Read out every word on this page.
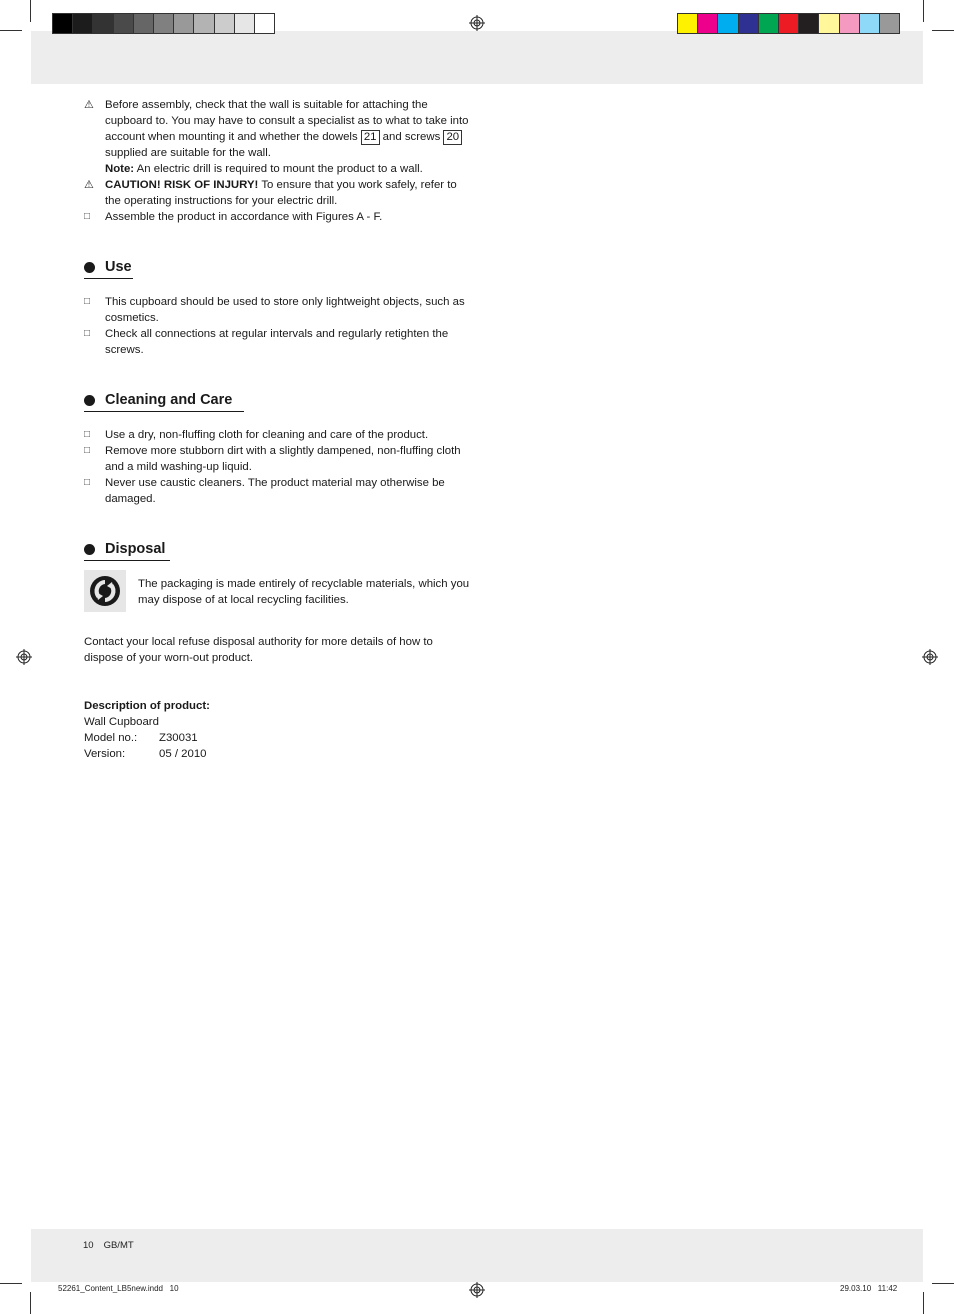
⚠ Before assembly, check that the wall is suitable for attaching the cupboard to. You may have to consult a specialist as to what to take into account when mounting it and whether the dowels 21 and screws 20 supplied are suitable for the wall.
Note: An electric drill is required to mount the product to a wall.
⚠ CAUTION! RISK OF INJURY! To ensure that you work safely, refer to the operating instructions for your electric drill.
□	Assemble the product in accordance with Figures A - F.
Use
□	This cupboard should be used to store only lightweight objects, such as cosmetics.
□	Check all connections at regular intervals and regularly retighten the screws.
Cleaning and Care
□	Use a dry, non-fluffing cloth for cleaning and care of the product.
□	Remove more stubborn dirt with a slightly dampened, non-fluffing cloth and a mild washing-up liquid.
□	Never use caustic cleaners. The product material may otherwise be damaged.
Disposal
The packaging is made entirely of recyclable materials, which you may dispose of at local recycling facilities.
Contact your local refuse disposal authority for more details of how to dispose of your worn-out product.
Description of product:
Wall Cupboard
Model no.:	Z30031
Version:	05 / 2010
10 GB/MT
52261_Content_LB5new.indd   10	29.03.10   11:42
